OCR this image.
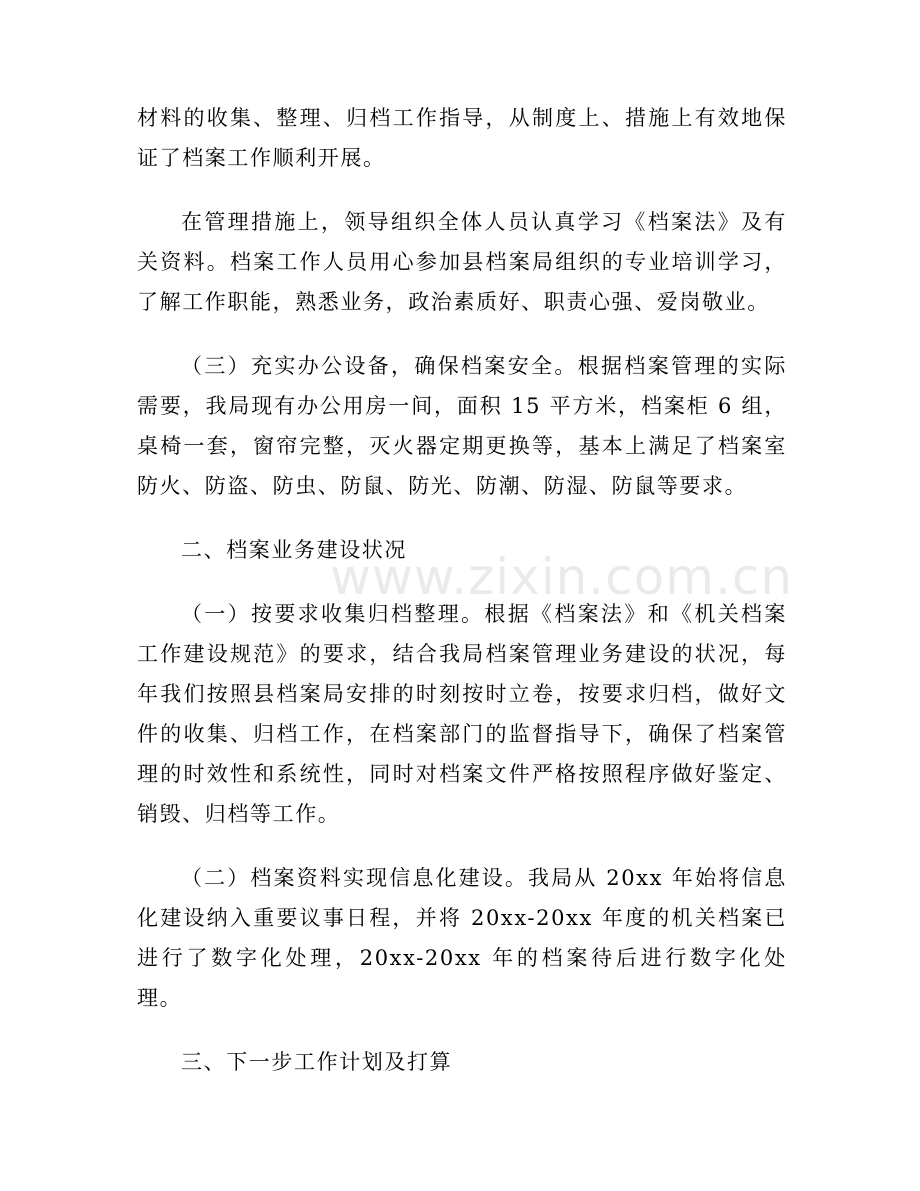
材料的收集、整理、归档工作指导，从制度上、措施上有效地保证了档案工作顺利开展。

在管理措施上，领导组织全体人员认真学习《档案法》及有关资料。档案工作人员用心参加县档案局组织的专业培训学习，了解工作职能，熟悉业务，政治素质好、职责心强、爱岗敬业。

（三）充实办公设备，确保档案安全。根据档案管理的实际需要，我局现有办公用房一间，面积 15 平方米，档案柜 6 组，桌椅一套，窗帘完整，灭火器定期更换等，基本上满足了档案室防火、防盗、防虫、防鼠、防光、防潮、防湿、防鼠等要求。

二、档案业务建设状况

（一）按要求收集归档整理。根据《档案法》和《机关档案工作建设规范》的要求，结合我局档案管理业务建设的状况，每年我们按照县档案局安排的时刻按时立卷，按要求归档，做好文件的收集、归档工作，在档案部门的监督指导下，确保了档案管理的时效性和系统性，同时对档案文件严格按照程序做好鉴定、销毁、归档等工作。

（二）档案资料实现信息化建设。我局从 20xx 年始将信息化建设纳入重要议事日程，并将 20xx-20xx 年度的机关档案已进行了数字化处理，20xx-20xx 年的档案待后进行数字化处理。

三、下一步工作计划及打算

www.zixin.com.cn
